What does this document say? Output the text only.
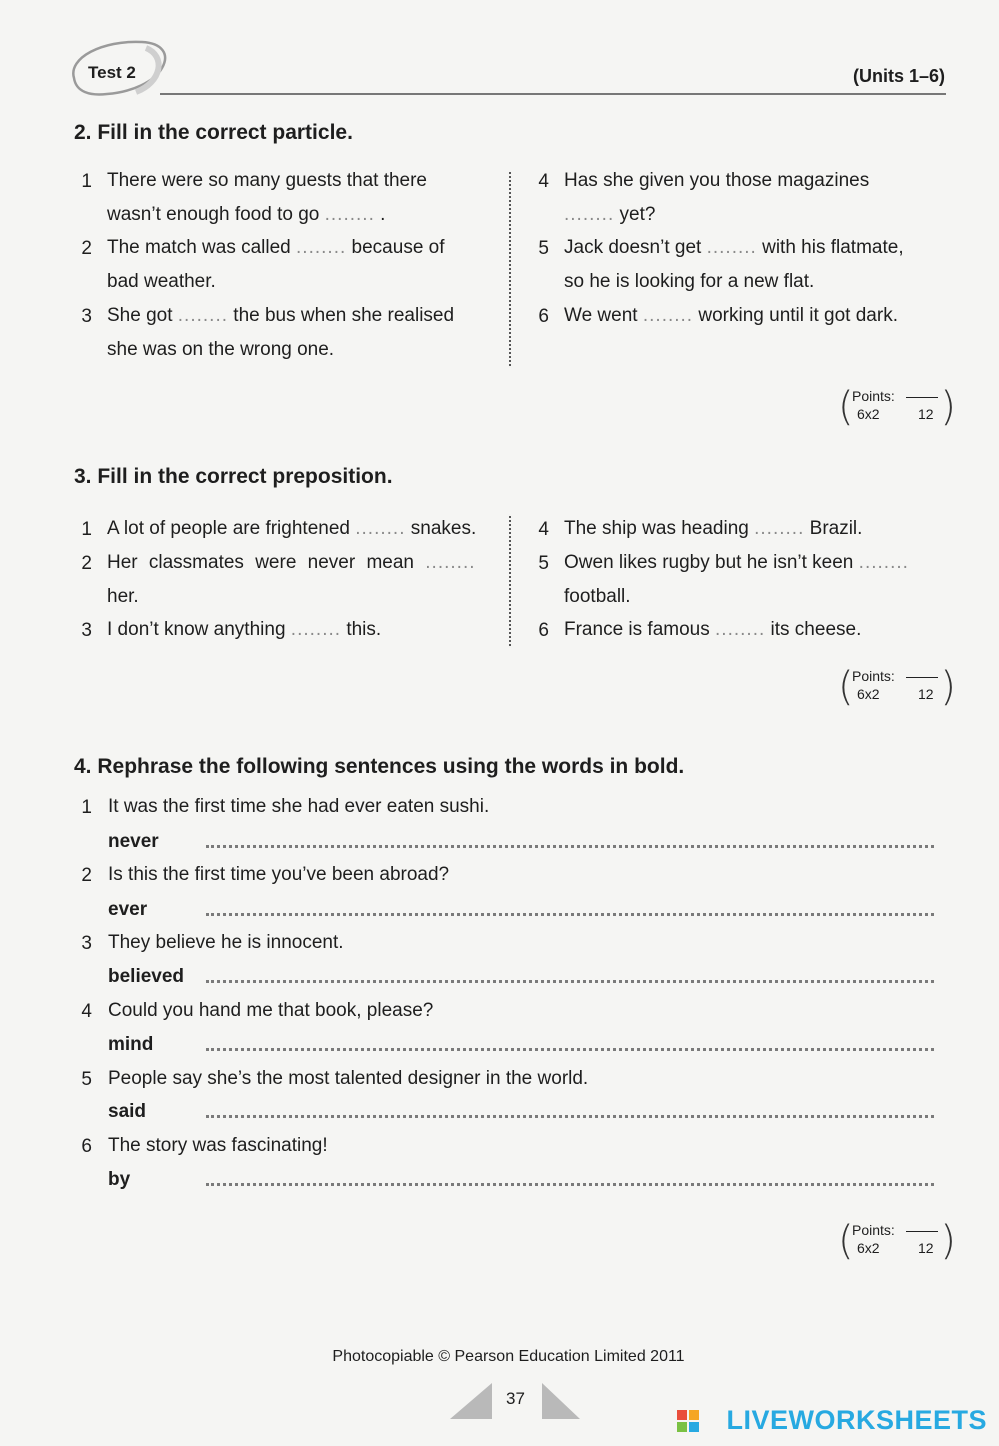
Test 2	(Units 1–6)
2. Fill in the correct particle.
1 There were so many guests that there
wasn’t enough food to go ........ .
2 The match was called ........ because of
bad weather.
3 She got ........ the bus when she realised
she was on the wrong one.
4 Has she given you those magazines
........ yet?
5 Jack doesn’t get ........ with his flatmate,
so he is looking for a new flat.
6 We went ........ working until it got dark.
( )
Points:
6x2	12
3. Fill in the correct preposition.
1 A lot of people are frightened ........ snakes.
2 Her classmates were never mean ........
her.
3 I don’t know anything ........ this.
4 The ship was heading ........ Brazil.
5 Owen likes rugby but he isn’t keen ........
football.
6 France is famous ........ its cheese.
( )
Points:
6x2	12
4. Rephrase the following sentences using the words in bold.
1 It was the first time she had ever eaten sushi.
never
2 Is this the first time you’ve been abroad?
ever
3 They believe he is innocent.
believed
4 Could you hand me that book, please?
mind
5 People say she’s the most talented designer in the world.
said
6 The story was fascinating!
by
( )
Points:
6x2	12
Photocopiable © Pearson Education Limited 2011
37
LIVEWORKSHEETS
